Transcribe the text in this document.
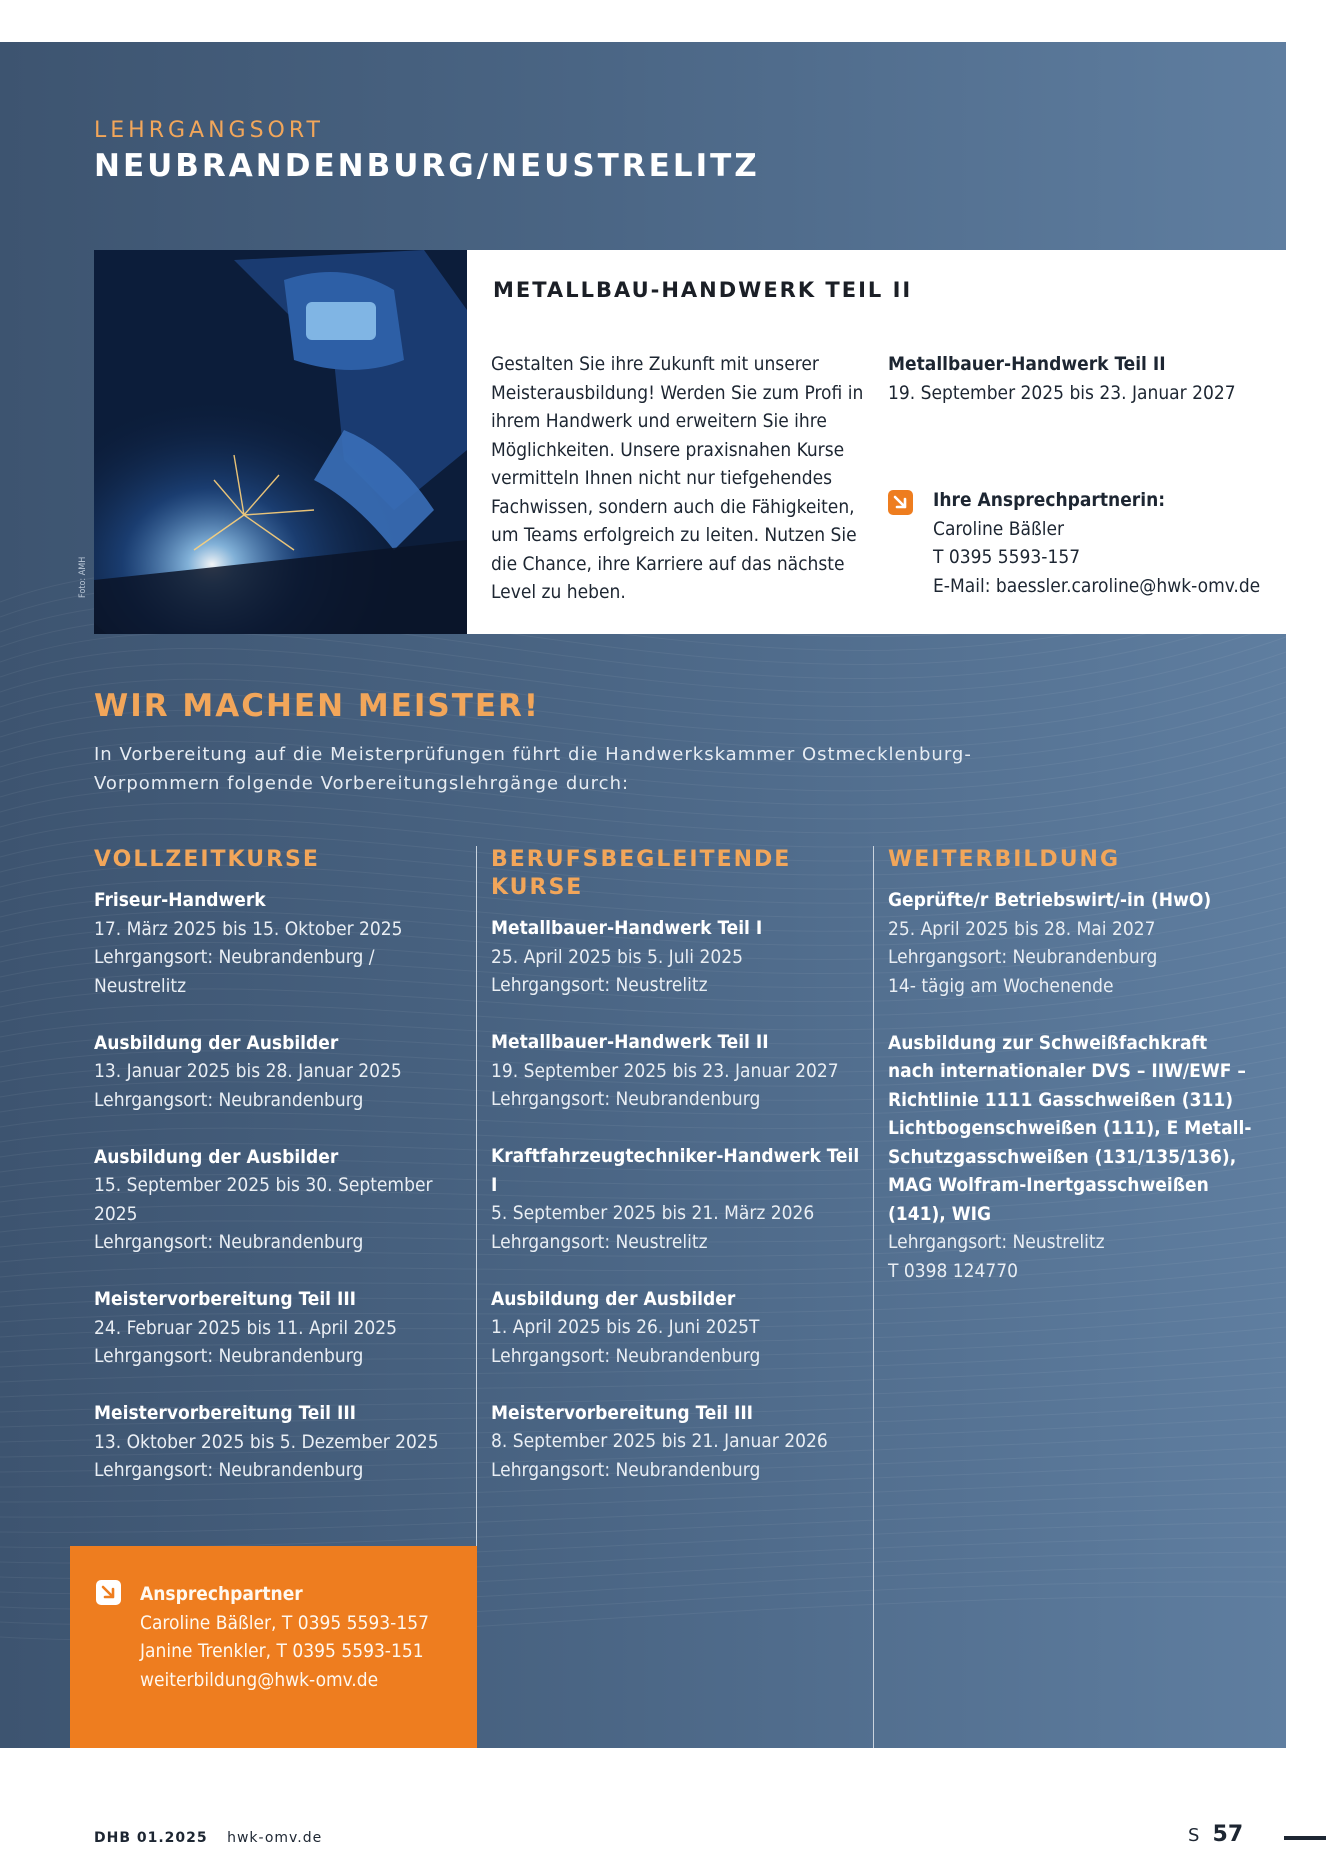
LEHRGANGSORT
NEUBRANDENBURG/NEUSTRELITZ
Foto: AMH
METALLBAU-HANDWERK TEIL II

Gestalten Sie ihre Zukunft mit unserer Meisterausbildung! Werden Sie zum Profi in ihrem Handwerk und erweitern Sie ihre Möglichkeiten. Unsere praxisnahen Kurse vermitteln Ihnen nicht nur tiefgehendes Fachwissen, sondern auch die Fähigkeiten, um Teams erfolgreich zu leiten. Nutzen Sie die Chance, ihre Karriere auf das nächste Level zu heben.

Metallbauer-Handwerk Teil II
19. September 2025 bis 23. Januar 2027
Ihre Ansprechpartnerin:
Caroline Bäßler
T 0395 5593-157
E-Mail: baessler.caroline@hwk-omv.de
WIR MACHEN MEISTER!

In Vorbereitung auf die Meisterprüfungen führt die Handwerkskammer Ostmecklenburg-Vorpommern folgende Vorbereitungslehrgänge durch:

VOLLZEITKURSE
Friseur-Handwerk
17. März 2025 bis 15. Oktober 2025
Lehrgangsort: Neubrandenburg / Neustrelitz
Ausbildung der Ausbilder
13. Januar 2025 bis 28. Januar 2025
Lehrgangsort: Neubrandenburg
Ausbildung der Ausbilder
15. September 2025 bis 30. September 2025
Lehrgangsort: Neubrandenburg
Meistervorbereitung Teil III
24. Februar 2025 bis 11. April 2025
Lehrgangsort: Neubrandenburg
Meistervorbereitung Teil III
13. Oktober 2025 bis 5. Dezember 2025
Lehrgangsort: Neubrandenburg
BERUFSBEGLEITENDE KURSE
Metallbauer-Handwerk Teil I
25. April 2025 bis 5. Juli 2025
Lehrgangsort: Neustrelitz
Metallbauer-Handwerk Teil II
19. September 2025 bis 23. Januar 2027
Lehrgangsort: Neubrandenburg
Kraftfahrzeugtechniker-Handwerk Teil I
5. September 2025 bis 21. März 2026
Lehrgangsort: Neustrelitz
Ausbildung der Ausbilder
1. April 2025 bis 26. Juni 2025T
Lehrgangsort: Neubrandenburg
Meistervorbereitung Teil III
8. September 2025 bis 21. Januar 2026
Lehrgangsort: Neubrandenburg
WEITERBILDUNG
Geprüfte/r Betriebswirt/-in (HwO)
25. April 2025 bis 28. Mai 2027
Lehrgangsort: Neubrandenburg
14- tägig am Wochenende
Ausbildung zur Schweißfachkraft nach internationaler DVS – IIW/EWF – Richtlinie 1111 Gasschweißen (311) Lichtbogenschweißen (111), E Metall-Schutzgasschweißen (131/135/136), MAG Wolfram-Inertgasschweißen (141), WIG
Lehrgangsort: Neustrelitz
T 0398 124770
Ansprechpartner
Caroline Bäßler, T 0395 5593-157
Janine Trenkler, T 0395 5593-151
weiterbildung@hwk-omv.de
DHB 01.2025 hwk-omv.de	S 57
